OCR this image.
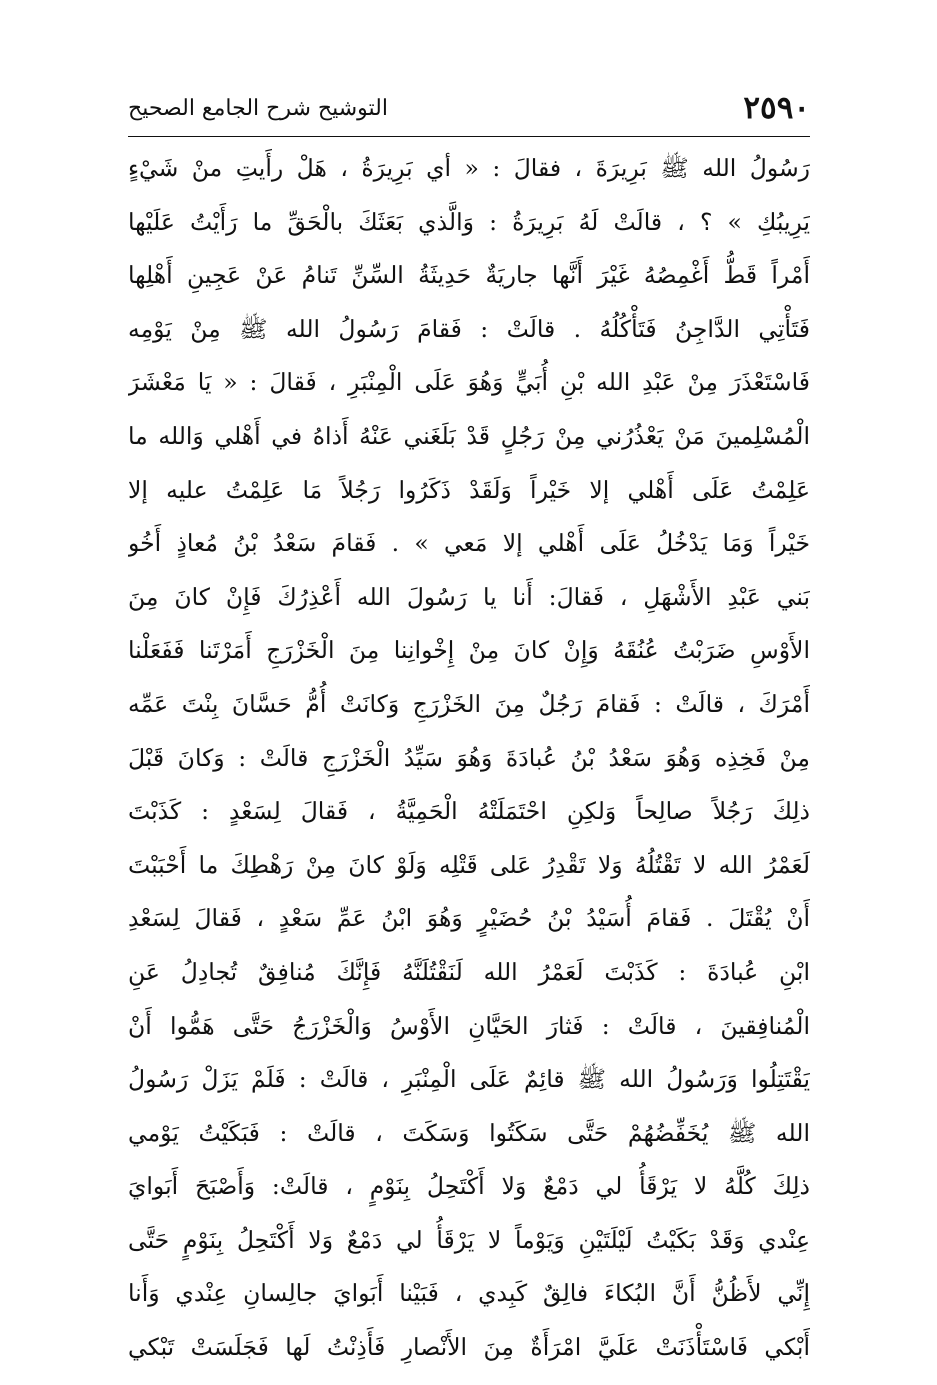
٢٥٩٠
التوشيح شرح الجامع الصحيح
رَسُولُ الله ﷺ بَرِيرَةَ ، فقالَ : « أي بَرِيرَةُ ، هَلْ رأَيتِ منْ شَيْءٍ
يَرِيبُكِ » ؟ ، قالَتْ لَهُ بَرِيرَةُ : وَالَّذي بَعَثَكَ بالْحَقِّ ما رَأَيْتُ عَلَيْها
أَمْراً قَطُّ أَغْمِصُهُ غَيْرَ أَنَّها جاريَةٌ حَدِيثَةُ السِّنِّ تَنامُ عَنْ عَجِينِ أَهْلِها
فَتَأْتِي الدَّاجِنُ فَتَأْكُلُهُ . قالَتْ : فَقامَ رَسُولُ الله ﷺ مِنْ يَوْمِه
فَاسْتَعْذَرَ مِنْ عَبْدِ الله بْنِ أُبَيٍّ وَهُوَ عَلَى الْمِنْبَرِ ، فَقالَ : « يَا مَعْشَرَ
الْمُسْلِمينَ مَنْ يَعْذُرُني مِنْ رَجُلٍ قَدْ بَلَغَني عَنْهُ أَذاهُ في أَهْلي وَالله ما
عَلِمْتُ عَلَى أَهْلي إلا خَيْراً وَلَقَدْ ذَكَرُوا رَجُلاً مَا عَلِمْتُ عليه إلا
خَيْراً وَمَا يَدْخُلُ عَلَى أَهْلي إلا مَعي » . فَقامَ سَعْدُ بْنُ مُعاذٍ أَخُو
بَني عَبْدِ الأَشْهَلِ ، فَقالَ: أَنا يا رَسُولَ الله أَعْذِرُكَ فَإِنْ كانَ مِنَ
الأَوْسِ ضَرَبْتُ عُنُقَهُ وَإِنْ كانَ مِنْ إِخْوانِنا مِنَ الْخَزْرَجِ أَمَرْتَنا فَفَعَلْنا
أَمْرَكَ ، قالَتْ : فَقامَ رَجُلٌ مِنَ الخَزْرَجِ وَكانَتْ أُمُّ حَسَّانَ بِنْتَ عَمِّه
مِنْ فَخِذِه وَهُوَ سَعْدُ بْنُ عُبادَةَ وَهُوَ سَيِّدُ الْخَزْرَجِ قالَتْ : وَكانَ قَبْلَ
ذلِكَ رَجُلاً صالِحاً وَلكِنِ احْتَمَلَتْهُ الْحَمِيَّةُ ، فَقالَ لِسَعْدٍ : كَذَبْتَ
لَعَمْرُ الله لا تَقْتُلُهُ وَلا تَقْدِرُ عَلى قَتْلِه وَلَوْ كانَ مِنْ رَهْطِكَ ما أَحْبَبْتَ
أَنْ يُقْتَلَ . فَقامَ أُسَيْدُ بْنُ حُضَيْرٍ وَهُوَ ابْنُ عَمِّ سَعْدٍ ، فَقالَ لِسَعْدِ
ابْنِ عُبادَةَ : كَذَبْتَ لَعَمْرُ الله لَنَقْتُلَنَّهُ فَإِنَّكَ مُنافِقٌ تُجادِلُ عَنِ
الْمُنافِقينَ ، قالَتْ : فَثارَ الحَيَّانِ الأَوْسُ وَالْخَزْرَجُ حَتَّى هَمُّوا أَنْ
يَقْتَتِلُوا وَرَسُولُ الله ﷺ قائِمٌ عَلَى الْمِنْبَرِ ، قالَتْ : فَلَمْ يَزَلْ رَسُولُ
الله ﷺ يُخَفِّضُهُمْ حَتَّى سَكَتُوا وَسَكَتَ ، قالَتْ : فَبَكَيْتُ يَوْمي
ذلِكَ كُلَّهُ لا يَرْقَأُ لي دَمْعٌ وَلا أَكْتَحِلُ بِنَوْمٍ ، قالَتْ: وَأَصْبَحَ أَبَوايَ
عِنْدي وَقَدْ بَكَيْتُ لَيْلَتَيْنِ وَيَوْماً لا يَرْقَأُ لي دَمْعٌ وَلا أَكْتَحِلُ بِنَوْمٍ حَتَّى
إِنِّي لأَظُنُّ أَنَّ البُكاءَ فالِقٌ كَبِدي ، فَبَيْنا أَبَوايَ جالِسانِ عِنْدي وَأَنا
أَبْكي فَاسْتَأْذَنَتْ عَلَيَّ امْرَأَةٌ مِنَ الأَنْصارِ فَأَذِنْتُ لَها فَجَلَسَتْ تَبْكي
